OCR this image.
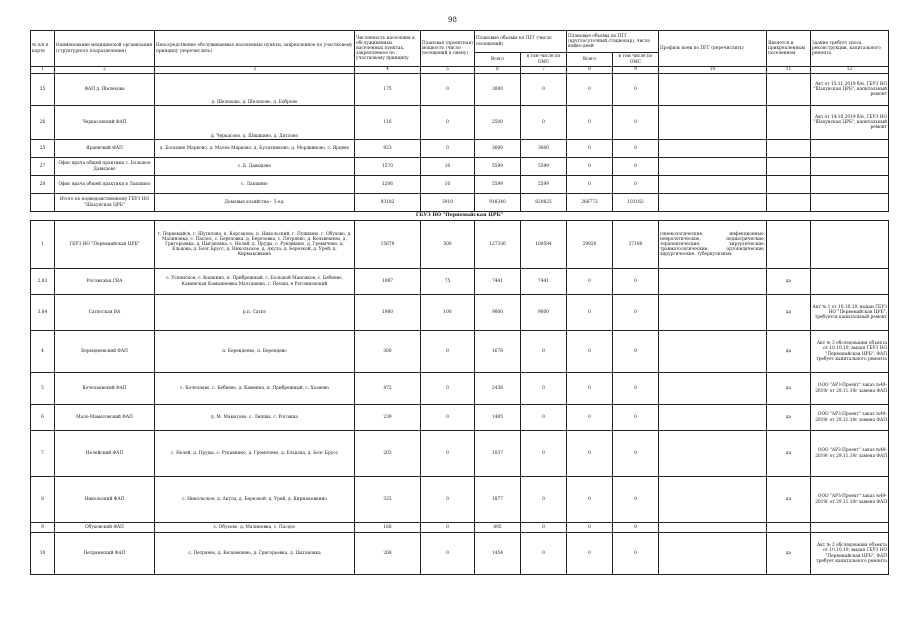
98
№ п/п в карте	Наименование медицинской организации (структурного подразделения)	Непосредственно обслуживаемые населенные пункты, закрепленное по участковому принципу (перечислить)	Численность населения в обслуживаемых населенных пунктах, закрепленное по участковому принципу	Плановая (проектная) мощность (число посещений в смену)	Плановые объемы по ПГГ (число посещений)		Плановые объемы по ПГГ (круглосуточный стационар), число койко-дней		Профиль коек по ПГГ (перечислить)	Является и прикрепленным поселением	Здание требует сноса, реконструкции, капитального ремонта
					Всего	в том числе по ОМС	Всего	в том числе по ОМС			
1	2	3	4	5	6	7	8	9	10	11	12
25	ФАП д. Шелехова	д. Шелехова, д. Шелехово, д. Боброво	175	0	3000	0	0	0			Акт от 15.11.2019 б/н, ГБУЗ НО "Шахунская ЦРБ", капитальный ремонт
26	Черкасовский ФАП	д. Черкасово, д. Шишкино, д. Дятлово	116	0	2500	0	0	0			Акт от 14.10.2019 б/н, ГБУЗ НО "Шахунская ЦРБ", капитальный ремонт
25	Ярцевский ФАП	д. Большие Марково, д. Малое Марково, д. Булатниково, д. Мордвиново, с. Ярцево	923	0	3600	3600	0	0			
27	Офис врача общей практики с. Большое Давыдово	с. Б. Давыдово	1570	10	5599	5599	0	0			
28	Офис врача общей практики в Лапшино	с. Лапшино	1206	10	5599	5599	0	0			
	Итого по подведомственному ГБУЗ НО "Шахунская ЦРБ"	Домовые хозяйства – 5 ед.	93182	3910	918340	829825	266772	101162			
ГБУЗ НО "Первомайская ЦРБ"											
1	ГБУЗ НО "Первомайская ЦРБ"	г. Первомайск, г. Шутилово, п. Корсаково, п. Никольский, г. Пушкино, г. Обухово, д. Малиновка, с. Пасдос, с. Березовка, д. Березовка, с. Петряево, д. Кельвешево, д. Григорьевка, д. Цыгановка, с. Нелей, д. Пруды, с. Рукавкино, д. Гремячево, д. Ельцова, д. Безг.Брусс, д. Никольское, д. Акула, д. Березкой, д. Урей, д. Кирмаковкино	15679	500	127336	109584	29920	27180	гинекологические, инфекционные, неврологические, педиатрические, терапевтические, хирургические, травматологические, ортопедические, хирургические, туберкулезные		
2,83	Рогожская СВА	с. Успенское, с. Кошкино, п. Прибрежный, с. Большой Мансиков, с. Бебнево, Каменская Камышеевка Малгашева, г. Петиш, в Рогожковский	1097	75	7441	7441	0	0		да	
3,84	Сатисская ВА	р.п. Сатис	1980	100	9800	9800	0	0		да	Акт № 1 от 10.10.19, выдан ГБУЗ НО "Первомайская ЦРБ", требуется капитальный ремонт
4	Берендеевский ФАП	п. Берендеево, п. Берендево	300	0	1678	0	0	0		да	Акт № 3 обследования объекта от 10.10.19, выдан ГБУЗ НО "Первомайская ЦРБ", ФАП требует капитального ремонта
5	Кочелаевский ФАП	с. Кочелаево, с. Бебнево, д. Каменка, п. Прибрежный, с. Хозяево	472	0	2438	0	0	0		да	ООО "АРЗ-Проект" заказ №49-2019г от 29.11.19г замена ФАП
6	Мало-Маматовский ФАП	д. М. Маматово, с. Лепшы, с. Рогожка	239	0	1495	0	0	0		да	ООО "АРЗ-Проект" заказ №49-2019г от 29.11.19г замена ФАП
7	Нелейский ФАП	с. Нелей, д. Пруды, с. Рукавкино, д. Гремячево, д. Ельцова, д. Безг.Брусс	203	0	1037	0	0	0		да	ООО "АРЗ-Проект" заказ №49-2019г от 29.11.19г замена ФАП
8	Никольский ФАП	с. Никольское, д. Акула, д. Березкой, д. Урей, д. Кирмаковкино	325	0	1877	0	0	0		да	ООО "АРЗ-Проект" заказ №49-2019г от 29.11.19г замена ФАП
9	Обуховский ФАП	с. Обухово, д. Малиновка, с. Пасдос	168	0	895	0	0	0			
10	Петряевский ФАП	с. Петряево, д. Кельвешево, д. Григорьевка, д. Цыгановка	268	0	1454	0	0	0		да	Акт № 2 обследования объекта от 10.10.19, выдан ГБУЗ НО "Первомайская ЦРБ", ФАП требует капитального ремонта
